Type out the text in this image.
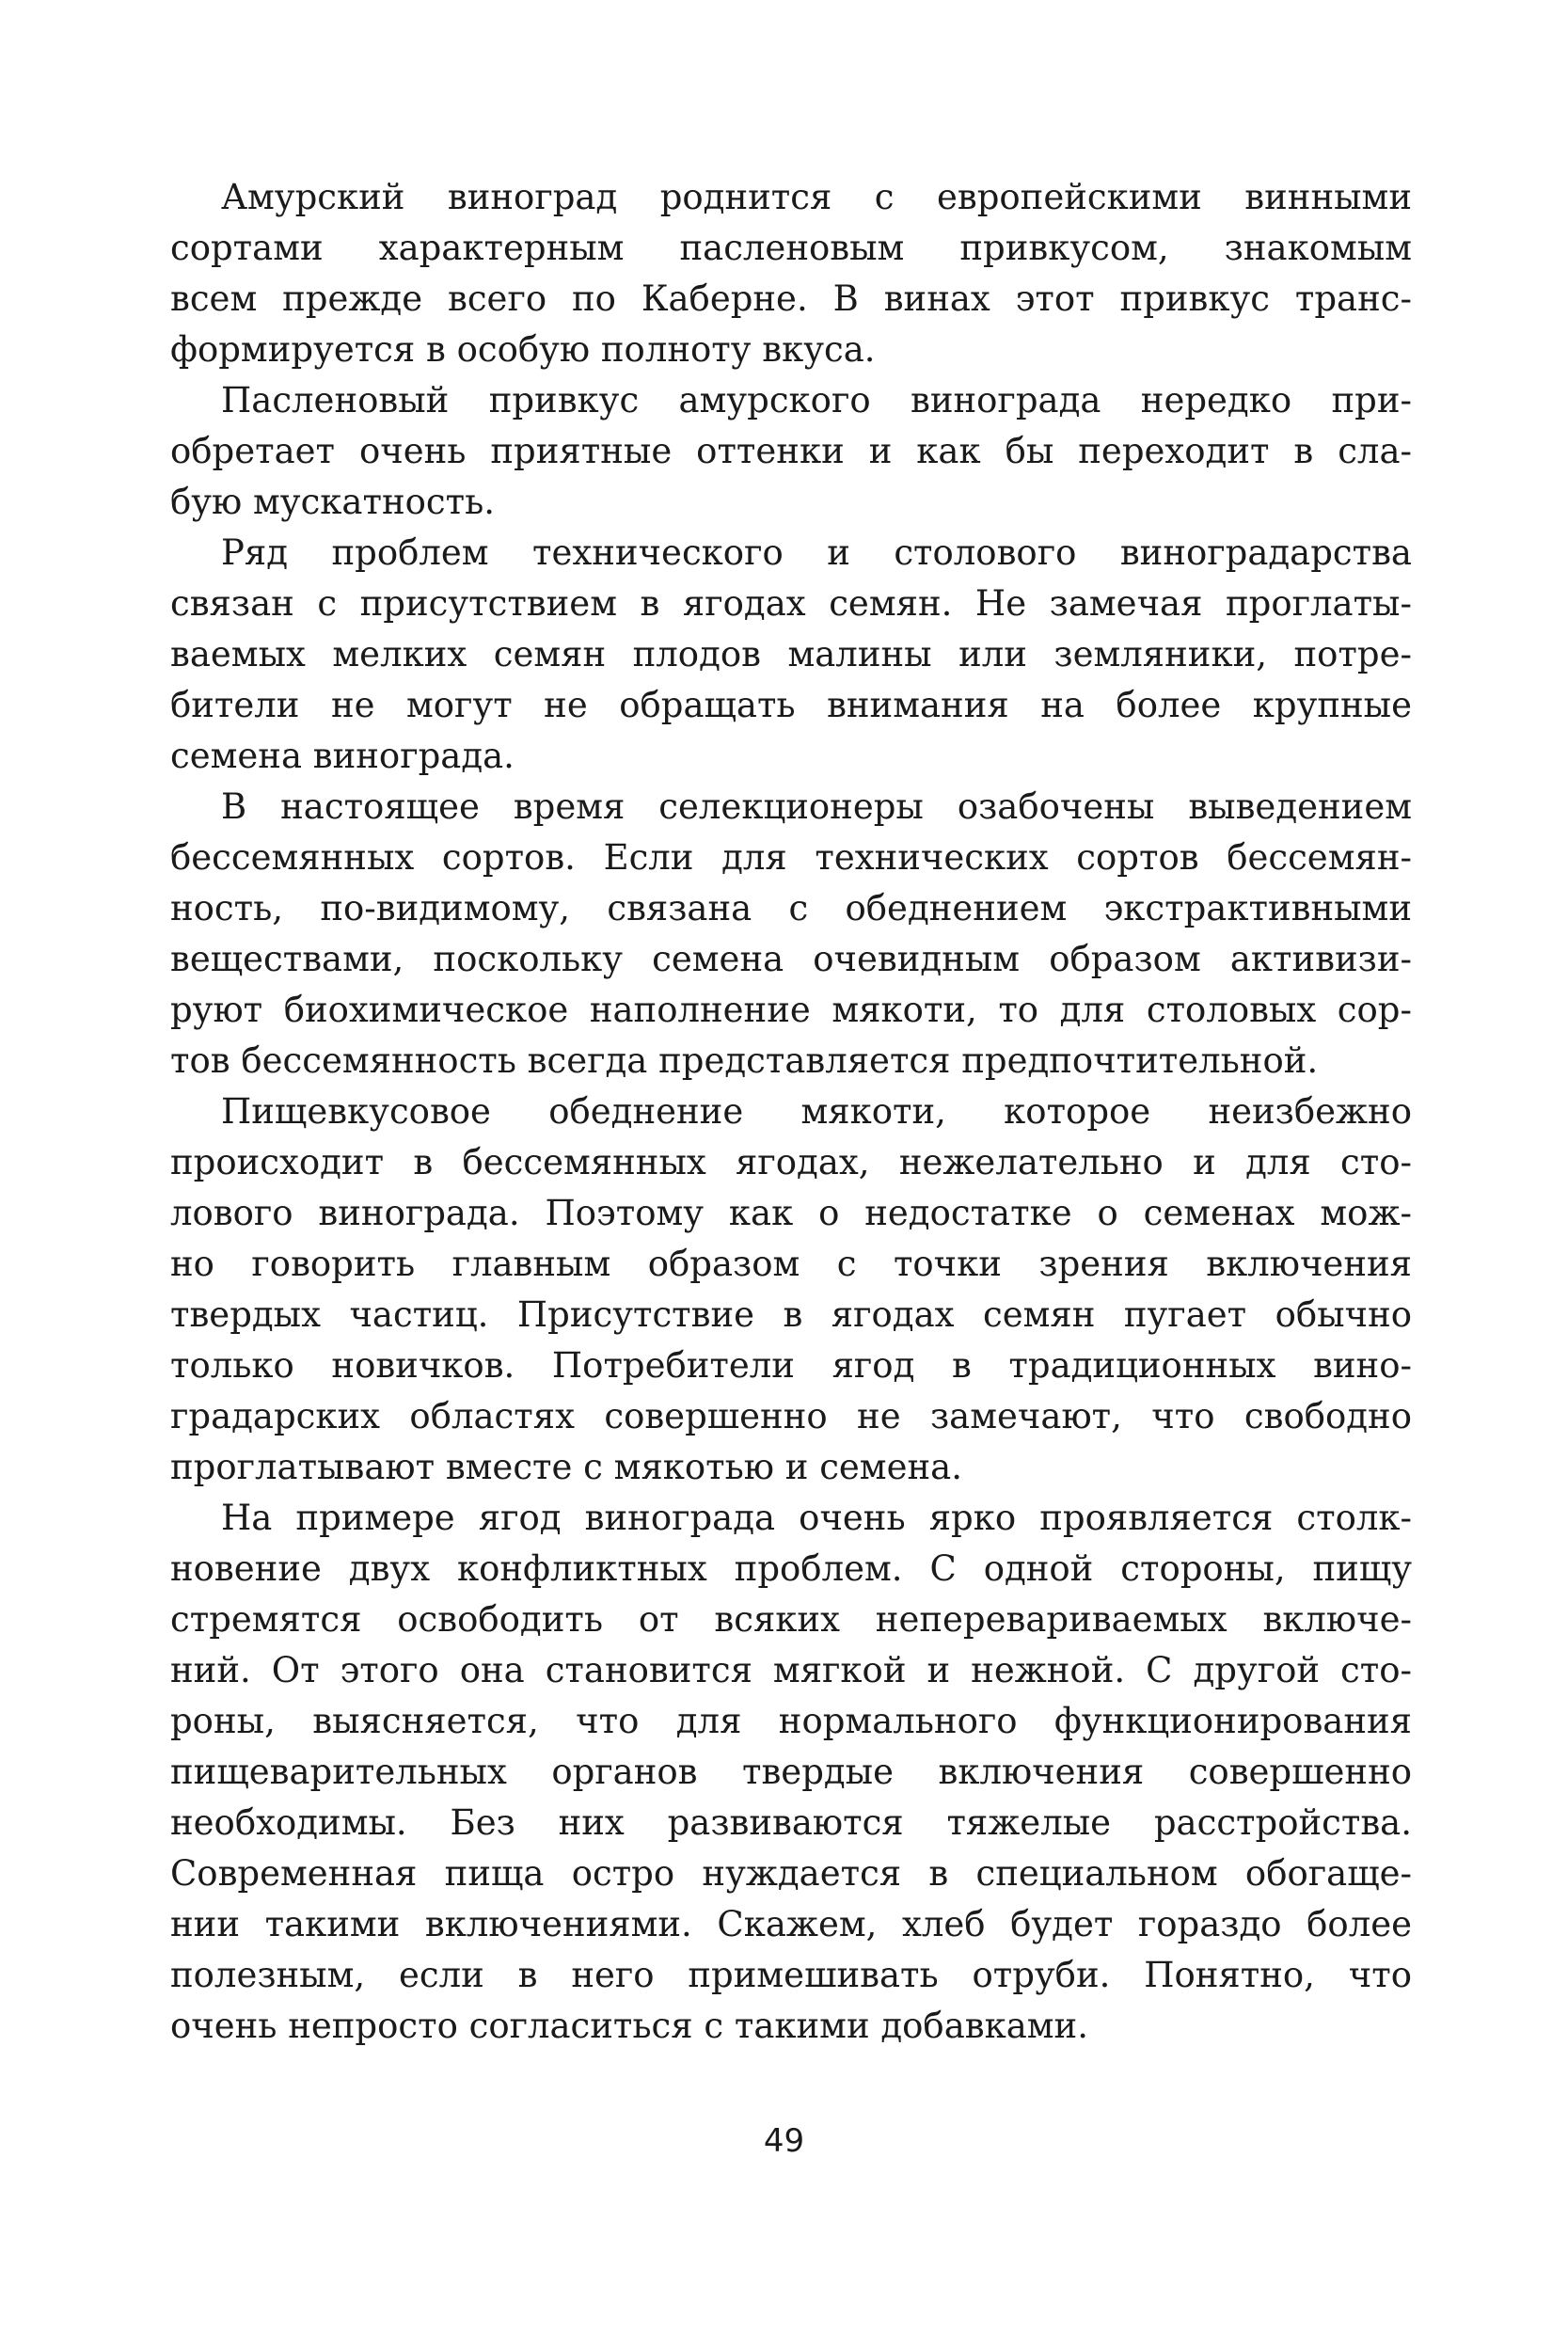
Амурский виноград роднится с европейскими винными
сортами характерным пасленовым привкусом, знакомым
всем прежде всего по Каберне. В винах этот привкус транс-
формируется в особую полноту вкуса.
Пасленовый привкус амурского винограда нередко при-
обретает очень приятные оттенки и как бы переходит в сла-
бую мускатность.
Ряд проблем технического и столового виноградарства
связан с присутствием в ягодах семян. Не замечая проглаты-
ваемых мелких семян плодов малины или земляники, потре-
бители не могут не обращать внимания на более крупные
семена винограда.
В настоящее время селекционеры озабочены выведением
бессемянных сортов. Если для технических сортов бессемян-
ность, по-видимому, связана с обеднением экстрактивными
веществами, поскольку семена очевидным образом активизи-
руют биохимическое наполнение мякоти, то для столовых сор-
тов бессемянность всегда представляется предпочтительной.
Пищевкусовое обеднение мякоти, которое неизбежно
происходит в бессемянных ягодах, нежелательно и для сто-
лового винограда. Поэтому как о недостатке о семенах мож-
но говорить главным образом с точки зрения включения
твердых частиц. Присутствие в ягодах семян пугает обычно
только новичков. Потребители ягод в традиционных вино-
градарских областях совершенно не замечают, что свободно
проглатывают вместе с мякотью и семена.
На примере ягод винограда очень ярко проявляется столк-
новение двух конфликтных проблем. С одной стороны, пищу
стремятся освободить от всяких неперевариваемых включе-
ний. От этого она становится мягкой и нежной. С другой сто-
роны, выясняется, что для нормального функционирования
пищеварительных органов твердые включения совершенно
необходимы. Без них развиваются тяжелые расстройства.
Современная пища остро нуждается в специальном обогаще-
нии такими включениями. Скажем, хлеб будет гораздо более
полезным, если в него примешивать отруби. Понятно, что
очень непросто согласиться с такими добавками.
49
